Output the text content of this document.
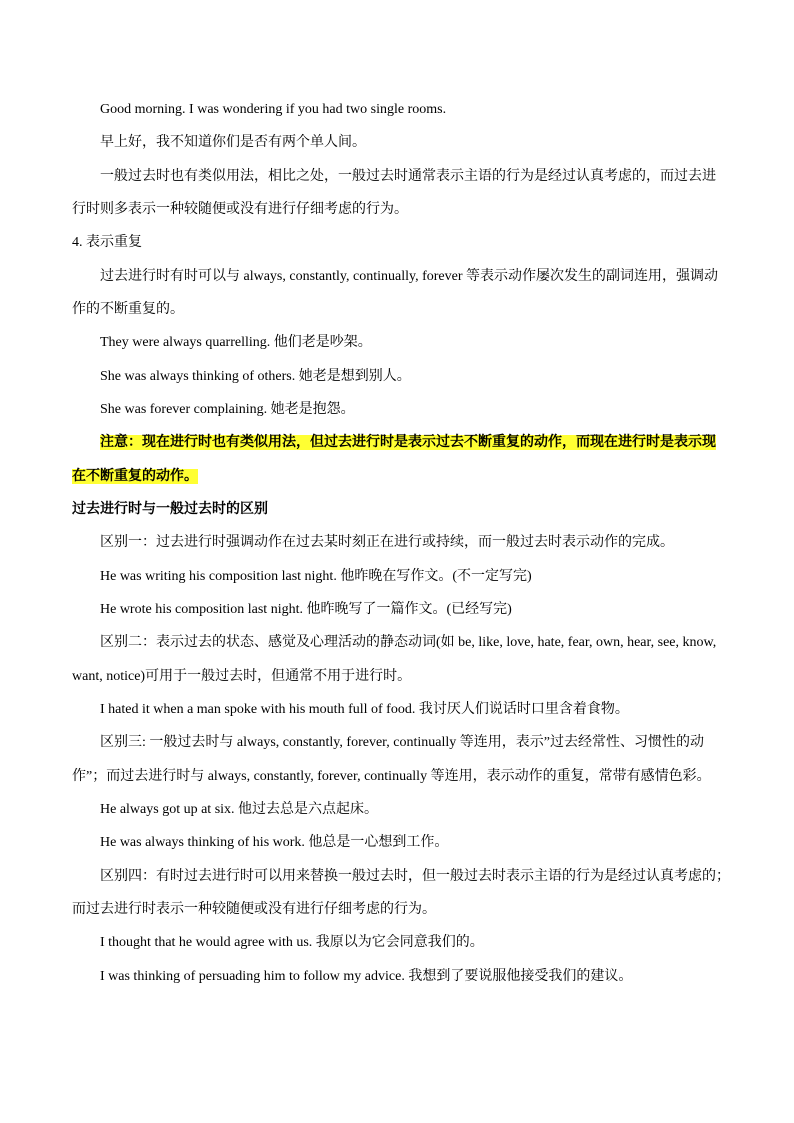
Good morning. I was wondering if you had two single rooms.
早上好，我不知道你们是否有两个单人间。
一般过去时也有类似用法，相比之处，一般过去时通常表示主语的行为是经过认真考虑的，而过去进
行时则多表示一种较随便或没有进行仔细考虑的行为。
4. 表示重复
过去进行时有时可以与 always, constantly, continually, forever 等表示动作屡次发生的副词连用，强调动
作的不断重复的。
They were always quarrelling. 他们老是吵架。
She was always thinking of others. 她老是想到别人。
She was forever complaining. 她老是抱怨。
注意：现在进行时也有类似用法，但过去进行时是表示过去不断重复的动作，而现在进行时是表示现
在不断重复的动作。
过去进行时与一般过去时的区别
区别一：过去进行时强调动作在过去某时刻正在进行或持续，而一般过去时表示动作的完成。
He was writing his composition last night. 他昨晚在写作文。(不一定写完)
He wrote his composition last night. 他昨晚写了一篇作文。(已经写完)
区别二：表示过去的状态、感觉及心理活动的静态动词(如 be, like, love, hate, fear, own, hear, see, know,
want, notice)可用于一般过去时，但通常不用于进行时。
I hated it when a man spoke with his mouth full of food. 我讨厌人们说话时口里含着食物。
区别三: 一般过去时与 always, constantly, forever, continually 等连用，表示”过去经常性、习惯性的动
作”；而过去进行时与 always, constantly, forever, continually 等连用，表示动作的重复，常带有感情色彩。
He always got up at six. 他过去总是六点起床。
He was always thinking of his work. 他总是一心想到工作。
区别四：有时过去进行时可以用来替换一般过去时，但一般过去时表示主语的行为是经过认真考虑的；
而过去进行时表示一种较随便或没有进行仔细考虑的行为。
I thought that he would agree with us. 我原以为它会同意我们的。
I was thinking of persuading him to follow my advice. 我想到了要说服他接受我们的建议。
